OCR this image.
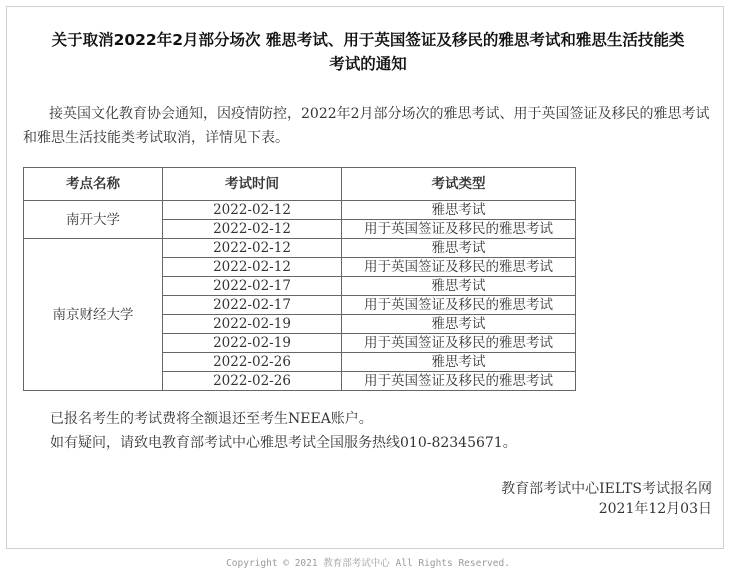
关于取消2022年2月部分场次 雅思考试、用于英国签证及移民的雅思考试和雅思生活技能类
考试的通知
接英国文化教育协会通知，因疫情防控，2022年2月部分场次的雅思考试、用于英国签证及移民的雅思考试和雅思生活技能类考试取消，详情见下表。
考点名称	考试时间	考试类型
南开大学	2022-02-12	雅思考试
	2022-02-12	用于英国签证及移民的雅思考试
南京财经大学	2022-02-12	雅思考试
	2022-02-12	用于英国签证及移民的雅思考试
	2022-02-17	雅思考试
	2022-02-17	用于英国签证及移民的雅思考试
	2022-02-19	雅思考试
	2022-02-19	用于英国签证及移民的雅思考试
	2022-02-26	雅思考试
	2022-02-26	用于英国签证及移民的雅思考试
已报名考生的考试费将全额退还至考生NEEA账户。
如有疑问，请致电教育部考试中心雅思考试全国服务热线010-82345671。
教育部考试中心IELTS考试报名网
2021年12月03日
Copyright © 2021 教育部考试中心 All Rights Reserved.
